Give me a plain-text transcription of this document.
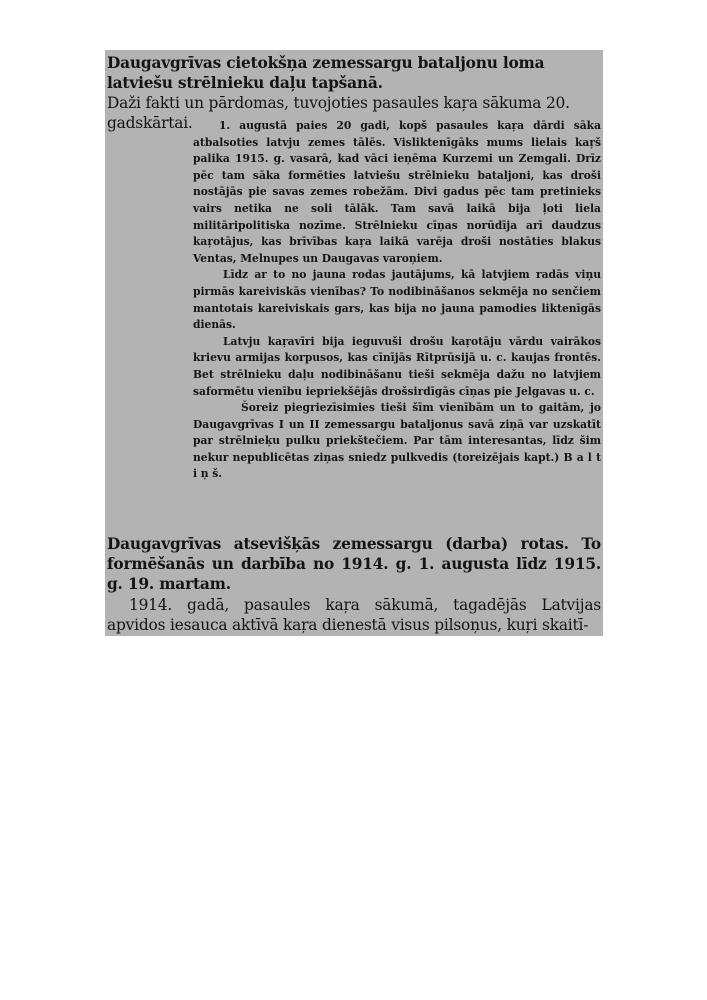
Daugavgrīvas cietokšņa zemessargu bataljonu loma latviešu strēlnieku daļu tapšanā.
Daži fakti un pārdomas, tuvojoties pasaules kaŗa sākuma 20.
gadskārtai.	1. augustā paies 20 gadi, kopš pasaules kaŗa dārdi sāka atbalsoties latvju zemes tālēs. Visliktenīgāks mums lielais kaŗš palika 1915. g. vasarā, kad vāci ieņēma Kurzemi un Zemgali. Drīz pēc tam sāka formēties latviešu strēlnieku bataljoni, kas droši nostājās pie savas zemes robežām. Divi gadus pēc tam pretinieks vairs netika ne soli tālāk. Tam savā laikā bija ļoti liela militāripolitiska nozīme. Strēlnieku cīņas norūdīja arī daudzus kaŗotājus, kas brīvības kaŗa laikā varēja droši nostāties blakus Ventas, Melnupes un Daugavas varoņiem.

Līdz ar to no jauna rodas jautājums, kā latvjiem radās viņu pirmās kareiviskās vienības? To nodibināšanos sekmēja no senčiem mantotais kareiviskais gars, kas bija no jauna pamodies liktenīgās dienās.

Latvju kaŗavīri bija ieguvuši drošu kaŗotāju vārdu vairākos krievu armijas korpusos, kas cīnījās Rītprūsijā u. c. kaujas frontēs. Bet strēlnieku daļu nodibināšanu tieši sekmēja dažu no latvjiem saformētu vienību iepriekšējās drošsirdīgās cīņas pie Jelgavas u. c.

Šoreiz piegriezīsimies tieši šīm vienībām un to gaitām, jo Daugavgrīvas I un II zemessargu bataljonus savā ziņā var uzskatīt par strēlnieķu pulku priekštečiem. Par tām interesantas, līdz šim nekur nepublicētas ziņas sniedz pulkvedis (toreizējais kapt.) B a l t i ņ š.

Daugavgrīvas atsevišķās zemessargu (darba) rotas. To formēšanās un darbība no 1914. g. 1. augusta līdz 1915. g. 19. martam.

1914. gadā, pasaules kaŗa sākumā, tagadējās Latvijas apvidos iesauca aktīvā kaŗa dienestā visus pilsoņus, kuŗi skaitī-
